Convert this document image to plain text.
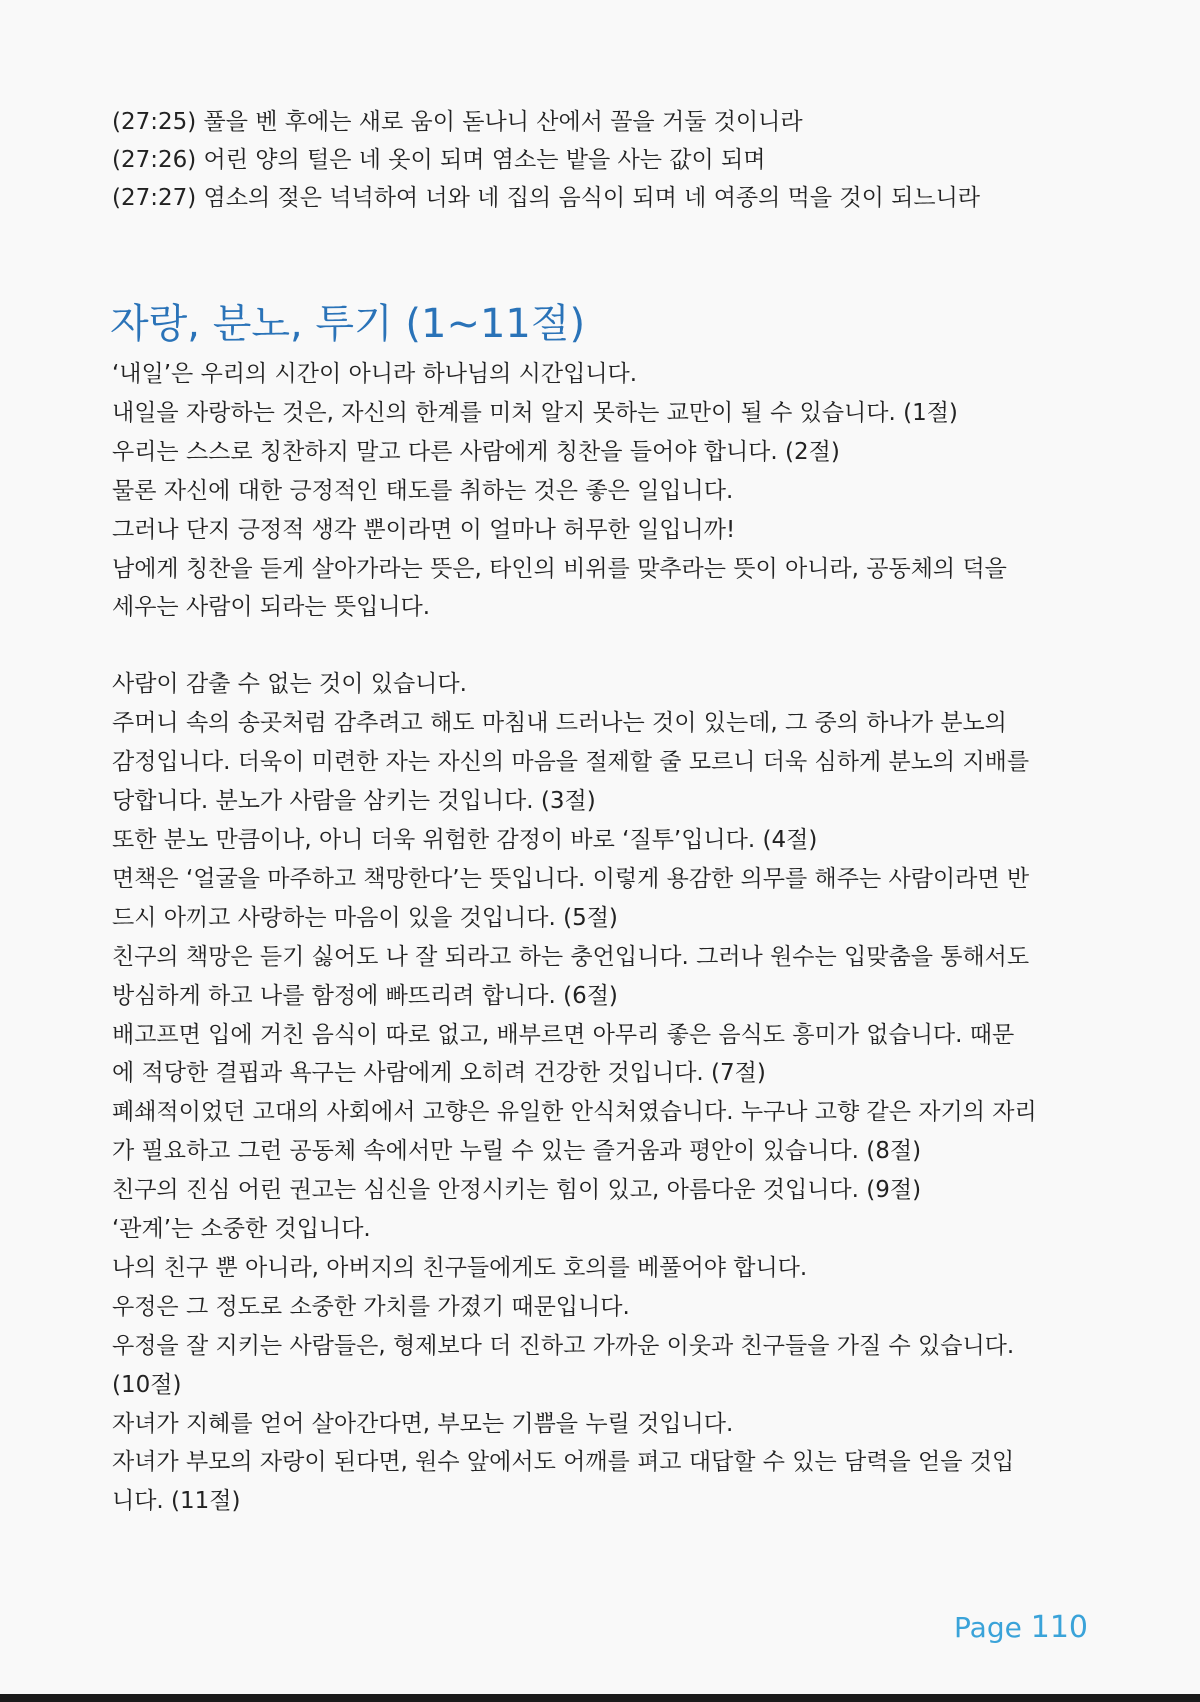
(27:25) 풀을 벤 후에는 새로 움이 돋나니 산에서 꼴을 거둘 것이니라
(27:26) 어린 양의 털은 네 옷이 되며 염소는 밭을 사는 값이 되며
(27:27) 염소의 젖은 넉넉하여 너와 네 집의 음식이 되며 네 여종의 먹을 것이 되느니라
자랑, 분노, 투기 (1~11절)
‘내일’은 우리의 시간이 아니라 하나님의 시간입니다.
내일을 자랑하는 것은, 자신의 한계를 미처 알지 못하는 교만이 될 수 있습니다. (1절)
우리는 스스로 칭찬하지 말고 다른 사람에게 칭찬을 들어야 합니다. (2절)
물론 자신에 대한 긍정적인 태도를 취하는 것은 좋은 일입니다.
그러나 단지 긍정적 생각 뿐이라면 이 얼마나 허무한 일입니까!
남에게 칭찬을 듣게 살아가라는 뜻은, 타인의 비위를 맞추라는 뜻이 아니라, 공동체의 덕을
세우는 사람이 되라는 뜻입니다.
사람이 감출 수 없는 것이 있습니다.
주머니 속의 송곳처럼 감추려고 해도 마침내 드러나는 것이 있는데, 그 중의 하나가 분노의
감정입니다. 더욱이 미련한 자는 자신의 마음을 절제할 줄 모르니 더욱 심하게 분노의 지배를
당합니다. 분노가 사람을 삼키는 것입니다. (3절)
또한 분노 만큼이나, 아니 더욱 위험한 감정이 바로 ‘질투’입니다. (4절)
면책은 ‘얼굴을 마주하고 책망한다’는 뜻입니다. 이렇게 용감한 의무를 해주는 사람이라면 반
드시 아끼고 사랑하는 마음이 있을 것입니다. (5절)
친구의 책망은 듣기 싫어도 나 잘 되라고 하는 충언입니다. 그러나 원수는 입맞춤을 통해서도
방심하게 하고 나를 함정에 빠뜨리려 합니다. (6절)
배고프면 입에 거친 음식이 따로 없고, 배부르면 아무리 좋은 음식도 흥미가 없습니다. 때문
에 적당한 결핍과 욕구는 사람에게 오히려 건강한 것입니다. (7절)
폐쇄적이었던 고대의 사회에서 고향은 유일한 안식처였습니다. 누구나 고향 같은 자기의 자리
가 필요하고 그런 공동체 속에서만 누릴 수 있는 즐거움과 평안이 있습니다. (8절)
친구의 진심 어린 권고는 심신을 안정시키는 힘이 있고, 아름다운 것입니다. (9절)
‘관계’는 소중한 것입니다.
나의 친구 뿐 아니라, 아버지의 친구들에게도 호의를 베풀어야 합니다.
우정은 그 정도로 소중한 가치를 가졌기 때문입니다.
우정을 잘 지키는 사람들은, 형제보다 더 진하고 가까운 이웃과 친구들을 가질 수 있습니다.
(10절)
자녀가 지혜를 얻어 살아간다면, 부모는 기쁨을 누릴 것입니다.
자녀가 부모의 자랑이 된다면, 원수 앞에서도 어깨를 펴고 대답할 수 있는 담력을 얻을 것입
니다. (11절)
Page 110
